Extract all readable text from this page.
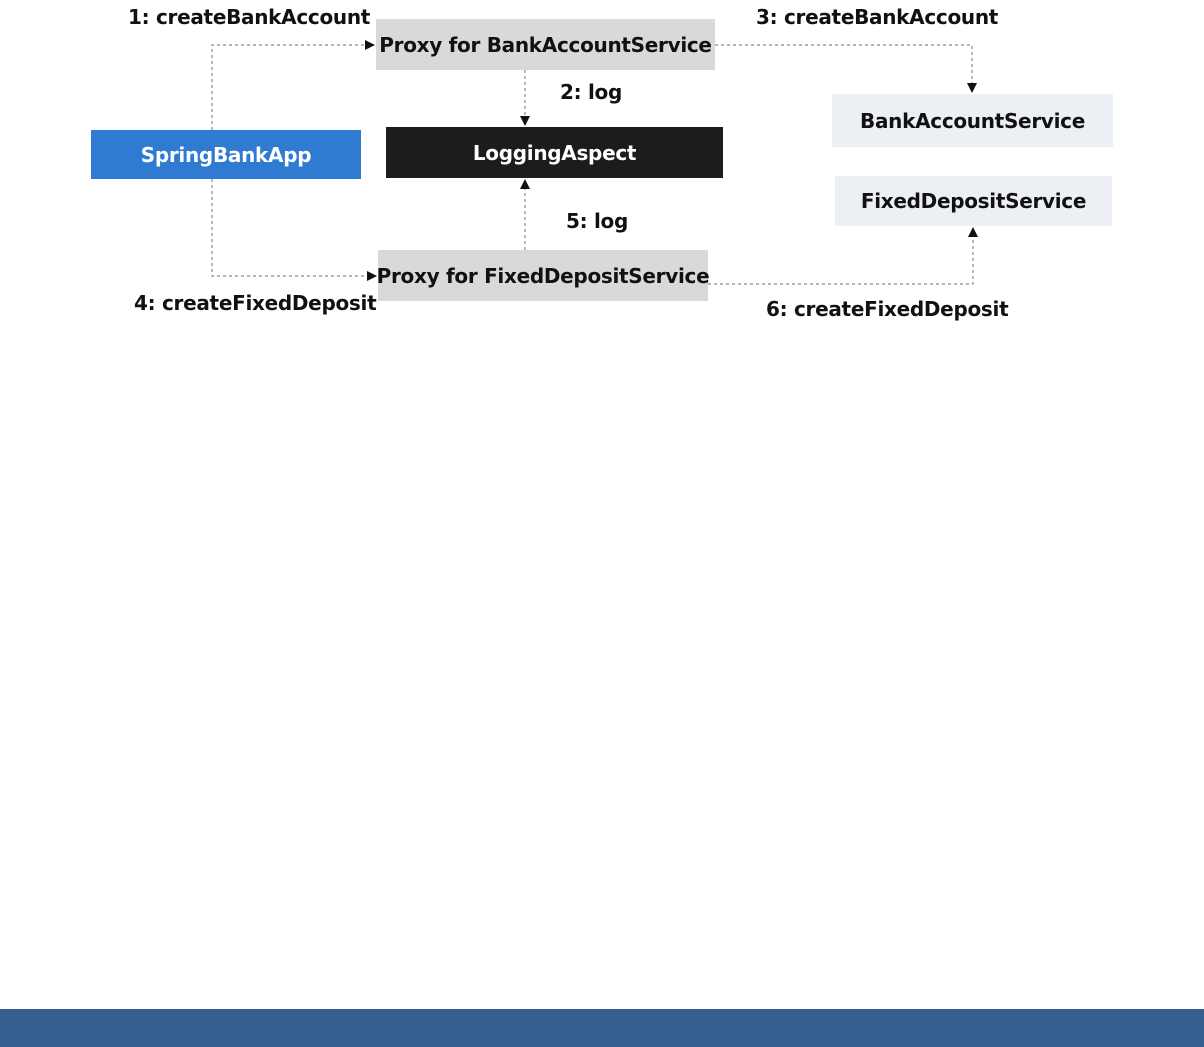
SpringBankApp
Proxy for BankAccountService
LoggingAspect
Proxy for FixedDepositService
BankAccountService
FixedDepositService
1: createBankAccount
2: log
3: createBankAccount
4: createFixedDeposit
5: log
6: createFixedDeposit
